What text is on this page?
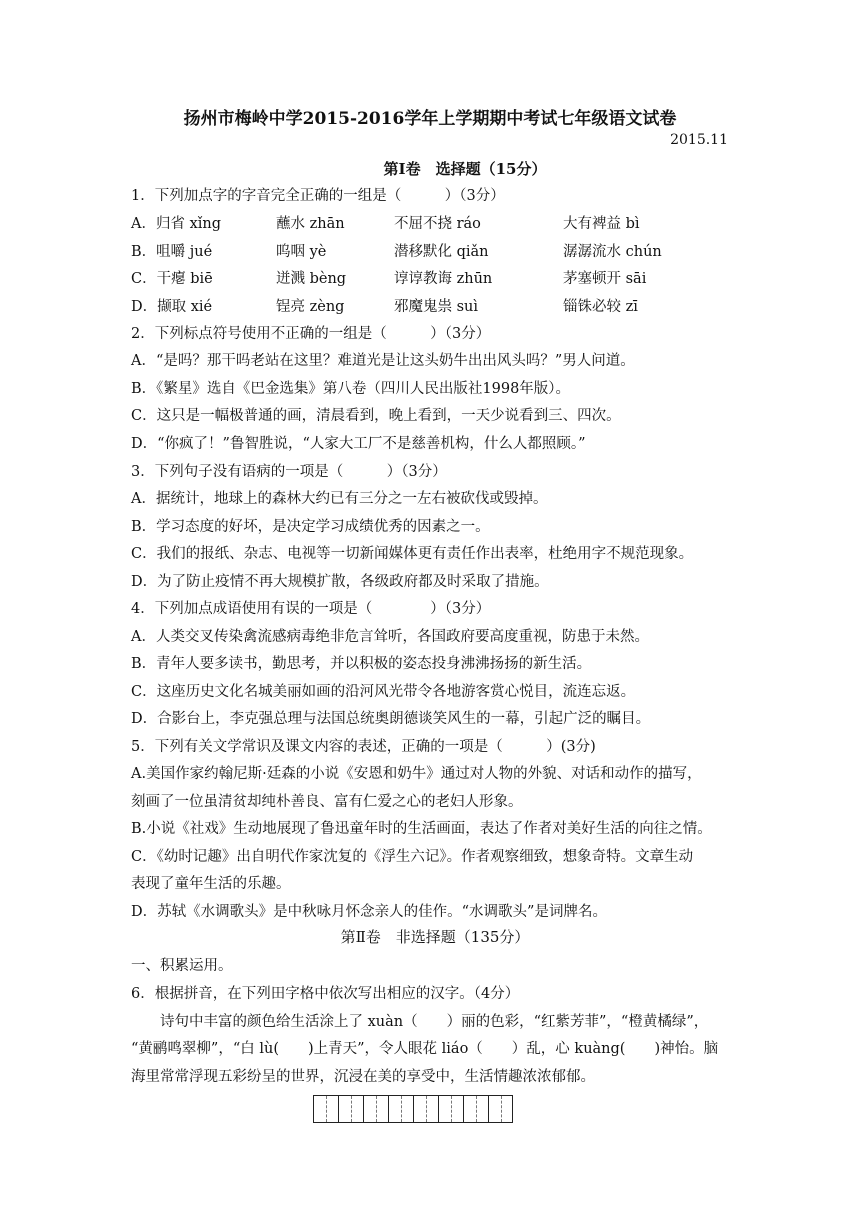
扬州市梅岭中学2015-2016学年上学期期中考试七年级语文试卷
2015.11
第Ⅰ卷　选择题（15分）
1．下列加点字的字音完全正确的一组是（　　　）（3分）
A．归省 xǐng	蘸水 zhān	不屈不挠 ráo	大有裨益 bì
B．咀嚼 jué	呜咽 yè	潜移默化 qiǎn	潺潺流水 chún
C．干瘪 biē	迸溅 bèng	谆谆教诲 zhūn	茅塞顿开 sāi
D．撷取 xié	锃亮 zèng	邪魔鬼祟 suì	锱铢必较 zī
2．下列标点符号使用不正确的一组是（　　　）（3分）
A．“是吗？那干吗老站在这里？难道光是让这头奶牛出出风头吗？”男人问道。
B．《繁星》选自《巴金选集》第八卷（四川人民出版社1998年版）。
C．这只是一幅极普通的画，清晨看到，晚上看到，一天少说看到三、四次。
D．“你疯了！”鲁智胜说，“人家大工厂不是慈善机构，什么人都照顾。”
3．下列句子没有语病的一项是（　　　）（3分）
A．据统计，地球上的森林大约已有三分之一左右被砍伐或毁掉。
B．学习态度的好坏，是决定学习成绩优秀的因素之一。
C．我们的报纸、杂志、电视等一切新闻媒体更有责任作出表率，杜绝用字不规范现象。
D．为了防止疫情不再大规模扩散，各级政府都及时采取了措施。
4．下列加点成语使用有误的一项是（　　　　）（3分）
A．人类交叉传染禽流感病毒绝非危言耸听，各国政府要高度重视，防患于未然。
B．青年人要多读书，勤思考，并以积极的姿态投身沸沸扬扬的新生活。
C．这座历史文化名城美丽如画的沿河风光带令各地游客赏心悦目，流连忘返。
D．合影台上，李克强总理与法国总统奥朗德谈笑风生的一幕，引起广泛的瞩目。
5．下列有关文学常识及课文内容的表述，正确的一项是（　　　）(3分)
A.美国作家约翰尼斯·廷森的小说《安恩和奶牛》通过对人物的外貌、对话和动作的描写，
刻画了一位虽清贫却纯朴善良、富有仁爱之心的老妇人形象。
B.小说《社戏》生动地展现了鲁迅童年时的生活画面，表达了作者对美好生活的向往之情。
C．《幼时记趣》出自明代作家沈复的《浮生六记》。作者观察细致，想象奇特。文章生动
表现了童年生活的乐趣。
D．苏轼《水调歌头》是中秋咏月怀念亲人的佳作。“水调歌头”是词牌名。
第Ⅱ卷　非选择题（135分）
一、积累运用。
6．根据拼音，在下列田字格中依次写出相应的汉字。（4分）
诗句中丰富的颜色给生活涂上了 xuàn（　　）丽的色彩，“红紫芳菲”，“橙黄橘绿”，
“黄鹂鸣翠柳”，“白 lù(　　)上青天”，令人眼花 liáo（　　）乱，心 kuàng(　　)神怡。脑
海里常常浮现五彩纷呈的世界，沉浸在美的享受中，生活情趣浓浓郁郁。
